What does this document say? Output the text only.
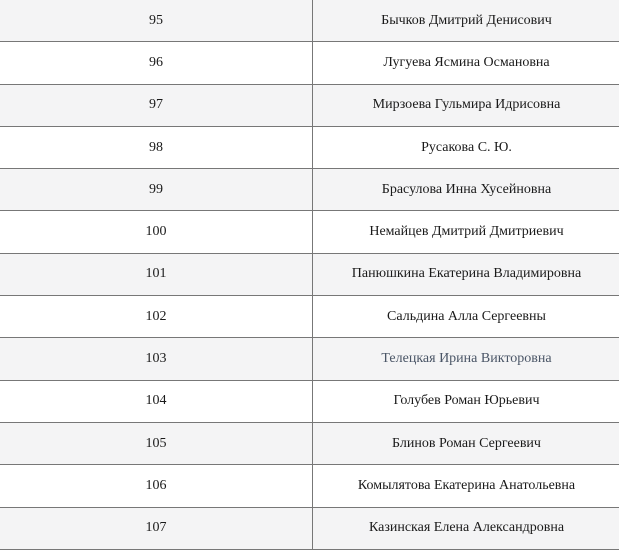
95	Бычков Дмитрий Денисович
96	Лугуева Ясмина Османовна
97	Мирзоева Гульмира Идрисовна
98	Русакова С. Ю.
99	Брасулова Инна Хусейновна
100	Немайцев Дмитрий Дмитриевич
101	Панюшкина Екатерина Владимировна
102	Сальдина Алла Сергеевны
103	Телецкая Ирина Викторовна
104	Голубев Роман Юрьевич
105	Блинов Роман Сергеевич
106	Комылятова Екатерина Анатольевна
107	Казинская Елена Александровна
